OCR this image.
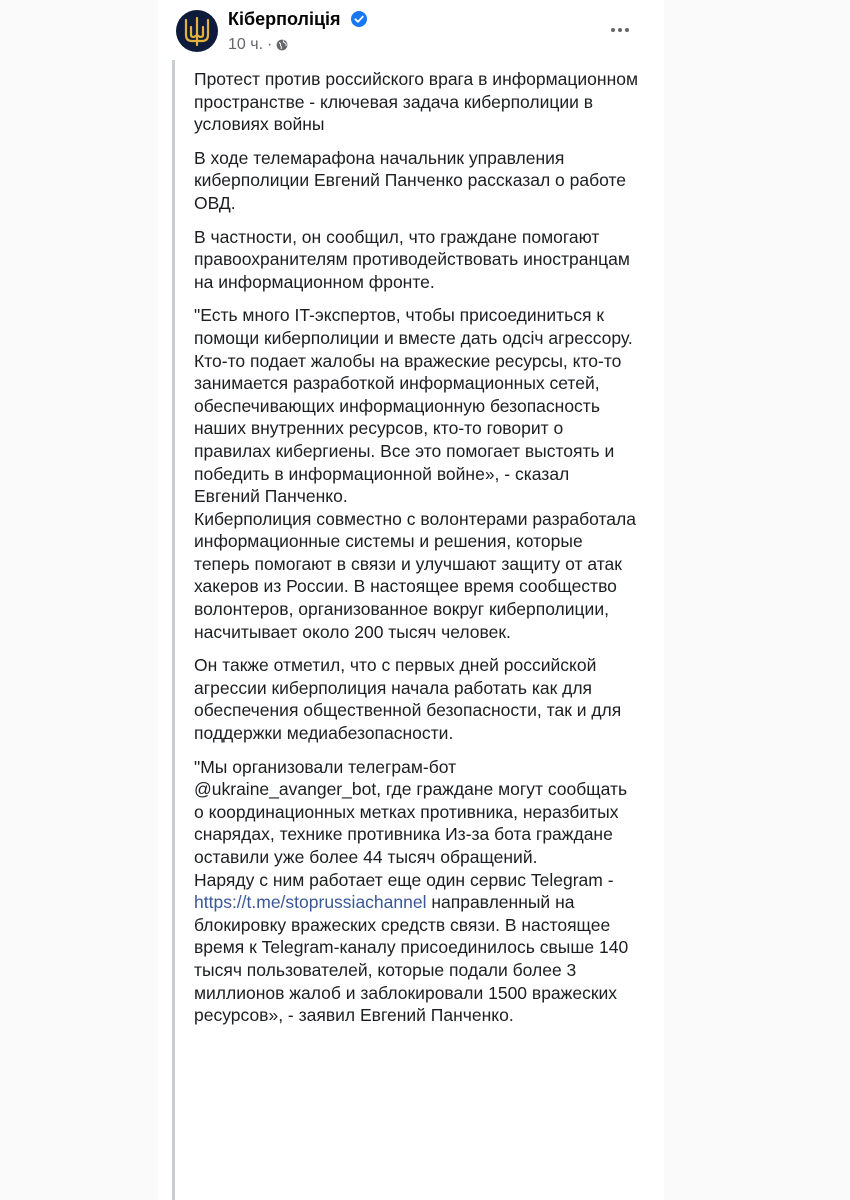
Кіберполіція
10 ч. ·

Протест против российского врага в информационном пространстве - ключевая задача киберполиции в условиях войны

В ходе телемарафона начальник управления киберполиции Евгений Панченко рассказал о работе ОВД.

В частности, он сообщил, что граждане помогают правоохранителям противодействовать иностранцам на информационном фронте.

"Есть много IT-экспертов, чтобы присоединиться к помощи киберполиции и вместе дать одсіч агрессору. Кто-то подает жалобы на вражеские ресурсы, кто-то занимается разработкой информационных сетей, обеспечивающих информационную безопасность наших внутренних ресурсов, кто-то говорит о правилах кибергиены. Все это помогает выстоять и победить в информационной войне», - сказал Евгений Панченко.

Киберполиция совместно с волонтерами разработала информационные системы и решения, которые теперь помогают в связи и улучшают защиту от атак хакеров из России. В настоящее время сообщество волонтеров, организованное вокруг киберполиции, насчитывает около 200 тысяч человек.

Он также отметил, что с первых дней российской агрессии киберполиция начала работать как для обеспечения общественной безопасности, так и для поддержки медиабезопасности.

"Мы организовали телеграм-бот @ukraine_avanger_bot, где граждане могут сообщать о координационных метках противника, неразбитых снарядах, технике противника Из-за бота граждане оставили уже более 44 тысяч обращений.

Наряду с ним работает еще один сервис Telegram - https://t.me/stoprussiachannel направленный на блокировку вражеских средств связи. В настоящее время к Telegram-каналу присоединилось свыше 140 тысяч пользователей, которые подали более 3 миллионов жалоб и заблокировали 1500 вражеских ресурсов», - заявил Евгений Панченко.
